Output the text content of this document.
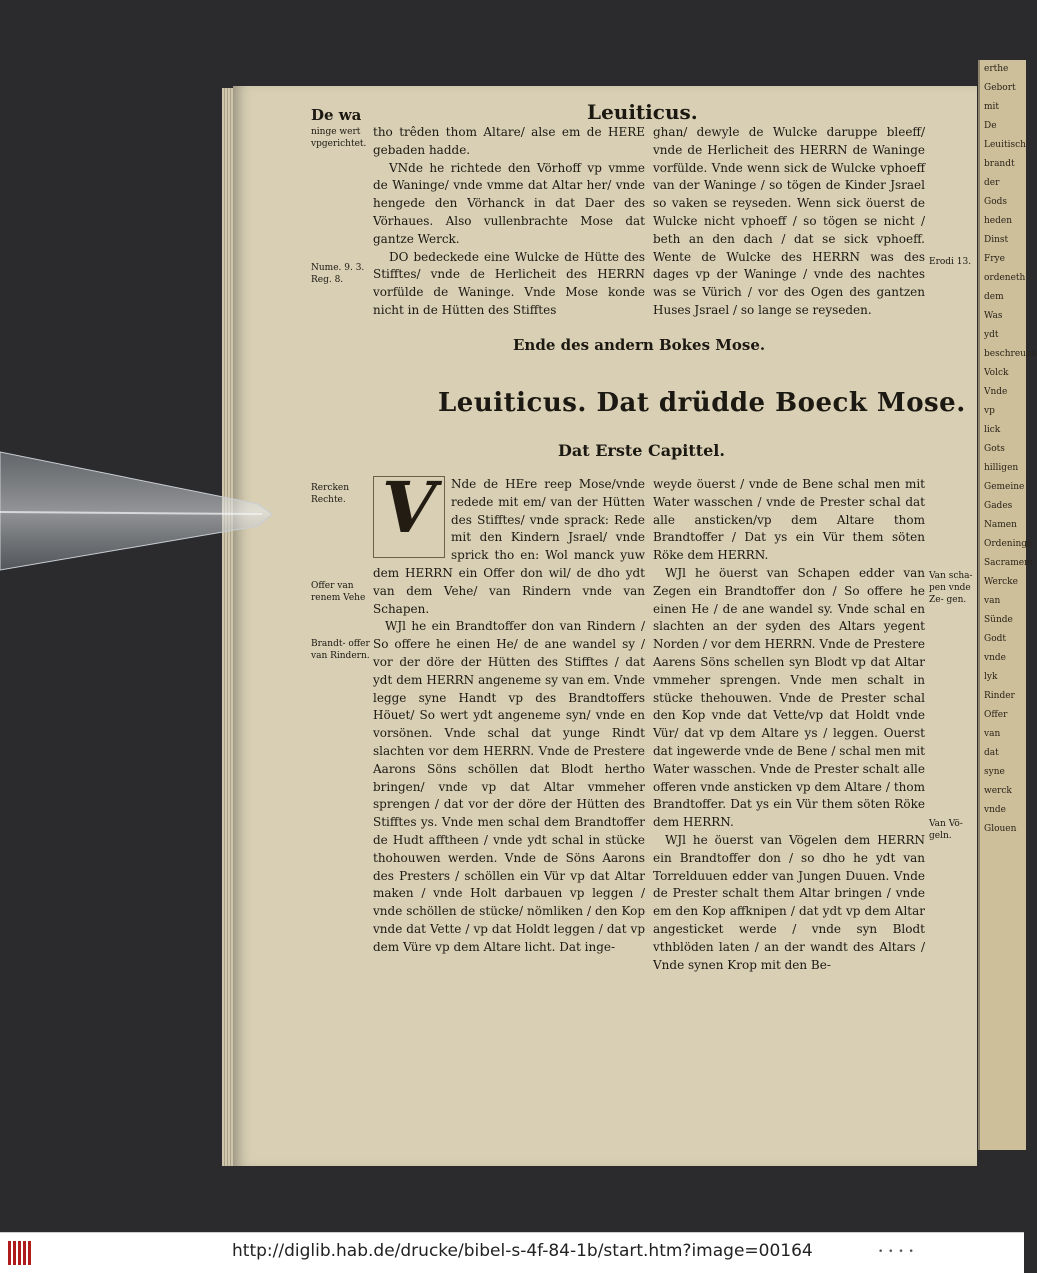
erthe
Gebort
mit
De
Leuitisch
brandt
der
Gods
heden
Dinst
Frye
ordeneth
dem
Was
ydt
beschreuen
Volck
Vnde
vp
lick
Gots
hilligen
Gemeine
Gades
Namen
Ordeninge
Sacrament
Wercke
van
Sünde
Godt
vnde
lyk
Rinder
Offer
van
dat
syne
werck
vnde
Glouen
De wa	Leuiticus.
ninge wert vpgerichtet.
Nume. 9. 3. Reg. 8.
Erodi 13.
Rercken Rechte.
Offer van renem Vehe
Brandt- offer van Rindern.
Van scha- pen vnde Ze- gen.
Van Vö- geln.

tho trêden thom Altare/ alse em de HERE gebaden hadde.

VNde he richtede den Vörhoff vp vmme de Waninge/ vnde vmme dat Altar her/ vnde hengede den Vörhanck in dat Daer des Vörhaues. Also vullenbrachte Mose dat gantze Werck.

DO bedeckede eine Wulcke de Hütte des Stifftes/ vnde de Herlicheit des HERRN vorfülde de Waninge. Vnde Mose konde nicht in de Hütten des Stifftes

ghan/ dewyle de Wulcke daruppe bleeff/ vnde de Herlicheit des HERRN de Waninge vorfülde. Vnde wenn sick de Wulcke vphoeff van der Waninge / so tögen de Kinder Jsrael so vaken se reyseden. Wenn sick öuerst de Wulcke nicht vphoeff / so tögen se nicht / beth an den dach / dat se sick vphoeff. Wente de Wulcke des HERRN was des dages vp der Waninge / vnde des nachtes was se Vürich / vor des Ogen des gantzen Huses Jsrael / so lange se reyseden.

Ende des andern Bokes Mose.
Leuiticus. Dat drüdde Boeck Mose.
Dat Erste Capittel.
V	Nde de HEre reep Mose/vnde redede mit em/ van der Hütten des Stifftes/ vnde sprack: Rede mit den Kindern Jsrael/ vnde sprick tho en: Wol manck yuw dem HERRN ein Offer don wil/ de dho ydt van dem Vehe/ van Rindern vnde van Schapen.

WJl he ein Brandtoffer don van Rindern / So offere he einen He/ de ane wandel sy / vor der döre der Hütten des Stifftes / dat ydt dem HERRN angeneme sy van em. Vnde legge syne Handt vp des Brandtoffers Höuet/ So wert ydt angeneme syn/ vnde en vorsönen. Vnde schal dat yunge Rindt slachten vor dem HERRN. Vnde de Prestere Aarons Söns schöllen dat Blodt hertho bringen/ vnde vp dat Altar vmmeher sprengen / dat vor der döre der Hütten des Stifftes ys. Vnde men schal dem Brandtoffer de Hudt afftheen / vnde ydt schal in stücke thohouwen werden. Vnde de Söns Aarons des Presters / schöllen ein Vür vp dat Altar maken / vnde Holt darbauen vp leggen / vnde schöllen de stücke/ nömliken / den Kop vnde dat Vette / vp dat Holdt leggen / dat vp dem Vüre vp dem Altare licht. Dat inge-

weyde öuerst / vnde de Bene schal men mit Water wasschen / vnde de Prester schal dat alle ansticken/vp dem Altare thom Brandtoffer / Dat ys ein Vür them söten Röke dem HERRN.

WJl he öuerst van Schapen edder van Zegen ein Brandtoffer don / So offere he einen He / de ane wandel sy. Vnde schal en slachten an der syden des Altars yegent Norden / vor dem HERRN. Vnde de Prestere Aarens Söns schellen syn Blodt vp dat Altar vmmeher sprengen. Vnde men schalt in stücke thehouwen. Vnde de Prester schal den Kop vnde dat Vette/vp dat Holdt vnde Vür/ dat vp dem Altare ys / leggen. Ouerst dat ingewerde vnde de Bene / schal men mit Water wasschen. Vnde de Prester schalt alle offeren vnde ansticken vp dem Altare / thom Brandtoffer. Dat ys ein Vür them söten Röke dem HERRN.

WJl he öuerst van Vögelen dem HERRN ein Brandtoffer don / so dho he ydt van Torrelduuen edder van Jungen Duuen. Vnde de Prester schalt them Altar bringen / vnde em den Kop affknipen / dat ydt vp dem Altar angesticket werde / vnde syn Blodt vthblöden laten / an der wandt des Altars / Vnde synen Krop mit den Be-

http://diglib.hab.de/drucke/bibel-s-4f-84-1b/start.htm?image=00164	• • • •
